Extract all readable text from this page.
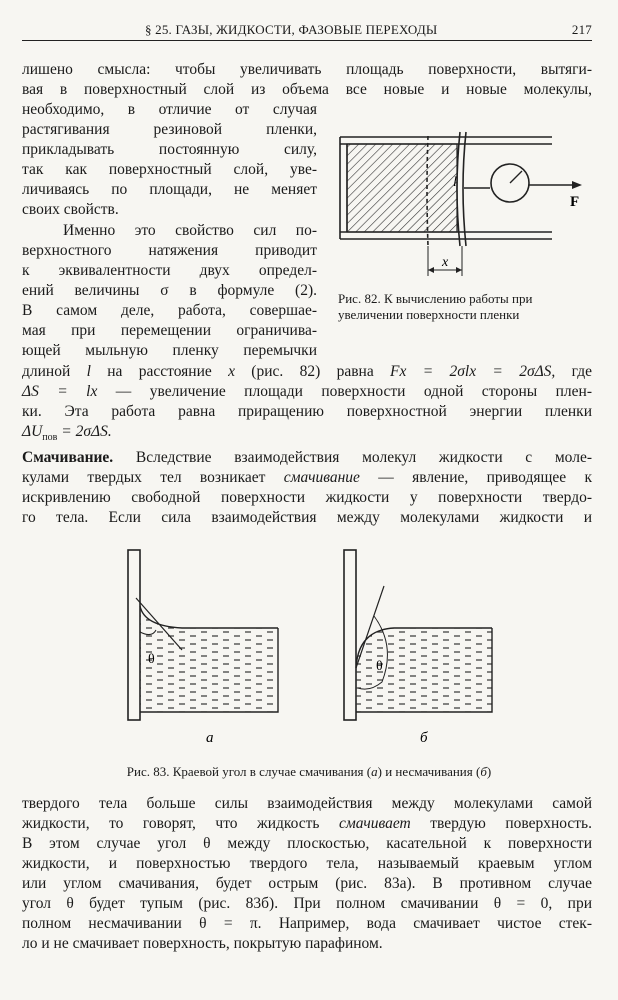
§ 25. ГАЗЫ, ЖИДКОСТИ, ФАЗОВЫЕ ПЕРЕХОДЫ	217
лишено смысла: чтобы увеличивать площадь поверхности, вытяги-
вая в поверхностный слой из объема все новые и новые молекулы,
необходимо, в отличие от случая
растягивания резиновой пленки,
прикладывать постоянную силу,
так как поверхностный слой, уве-
личиваясь по площади, не меняет
своих свойств.
Именно это свойство сил по-
верхностного натяжения приводит
к эквивалентности двух определ-
ений величины σ в формуле (2).
В самом деле, работа, совершае-
мая при перемещении ограничива-
ющей мыльную пленку перемычки
длиной l на расстояние x (рис. 82) равна Fx = 2σlx = 2σΔS, где
ΔS = lx — увеличение площади поверхности одной стороны плен-
ки. Эта работа равна приращению поверхностной энергии пленки
$\Delta U_{пов} = 2\sigma\Delta S$.
l
x
F
Рис. 82. К вычислению работы при
увеличении поверхности пленки
Смачивание. Вследствие взаимодействия молекул жидкости с моле-
кулами твердых тел возникает смачивание — явление, приводящее к
искривлению свободной поверхности жидкости у поверхности твердо-
го тела. Если сила взаимодействия между молекулами жидкости и
θ
а
θ
б
Рис. 83. Краевой угол в случае смачивания (а) и несмачивания (б)
твердого тела больше силы взаимодействия между молекулами самой
жидкости, то говорят, что жидкость смачивает твердую поверхность.
В этом случае угол θ между плоскостью, касательной к поверхности
жидкости, и поверхностью твердого тела, называемый краевым углом
или углом смачивания, будет острым (рис. 83а). В противном случае
угол θ будет тупым (рис. 83б). При полном смачивании θ = 0, при
полном несмачивании θ = π. Например, вода смачивает чистое стек-
ло и не смачивает поверхность, покрытую парафином.
